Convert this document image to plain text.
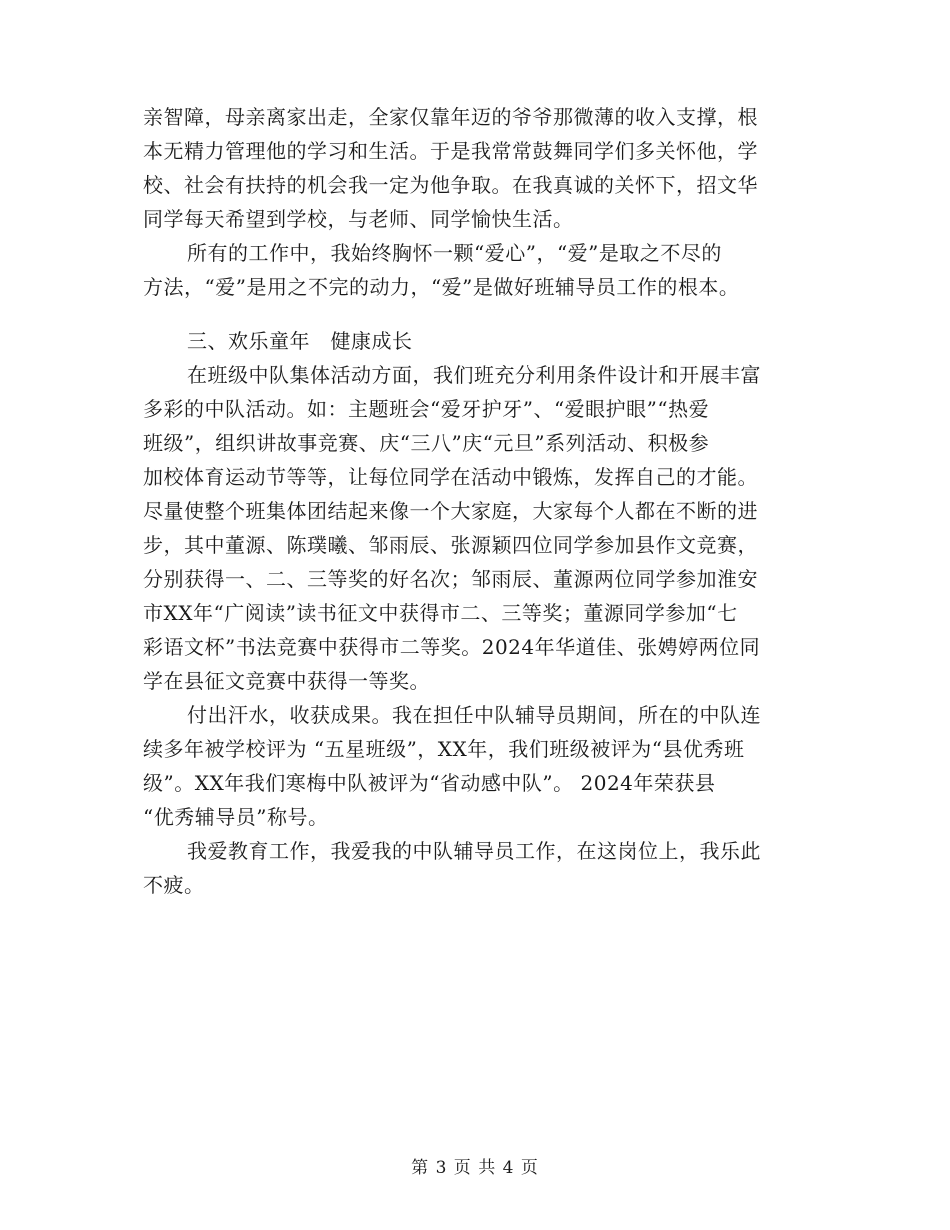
亲智障，母亲离家出走，全家仅靠年迈的爷爷那微薄的收入支撑，根
本无精力管理他的学习和生活。于是我常常鼓舞同学们多关怀他，学
校、社会有扶持的机会我一定为他争取。在我真诚的关怀下，招文华
同学每天希望到学校，与老师、同学愉快生活。
所有的工作中，我始终胸怀一颗“爱心”，“爱”是取之不尽的
方法，“爱”是用之不完的动力，“爱”是做好班辅导员工作的根本。
三、欢乐童年　健康成长
在班级中队集体活动方面，我们班充分利用条件设计和开展丰富
多彩的中队活动。如：主题班会“爱牙护牙”、“爱眼护眼”“热爱
班级”，组织讲故事竞赛、庆“三八”庆“元旦”系列活动、积极参
加校体育运动节等等，让每位同学在活动中锻炼，发挥自己的才能。
尽量使整个班集体团结起来像一个大家庭，大家每个人都在不断的进
步，其中董源、陈璞曦、邹雨辰、张源颖四位同学参加县作文竞赛，
分别获得一、二、三等奖的好名次；邹雨辰、董源两位同学参加淮安
市XX年“广阅读”读书征文中获得市二、三等奖；董源同学参加“七
彩语文杯”书法竞赛中获得市二等奖。2024年华道佳、张娉婷两位同
学在县征文竞赛中获得一等奖。
付出汗水，收获成果。我在担任中队辅导员期间，所在的中队连
续多年被学校评为 “五星班级”，XX年，我们班级被评为“县优秀班
级”。XX年我们寒梅中队被评为“省动感中队”。 2024年荣获县
“优秀辅导员”称号。
我爱教育工作，我爱我的中队辅导员工作，在这岗位上，我乐此
不疲。
第 3 页 共 4 页
